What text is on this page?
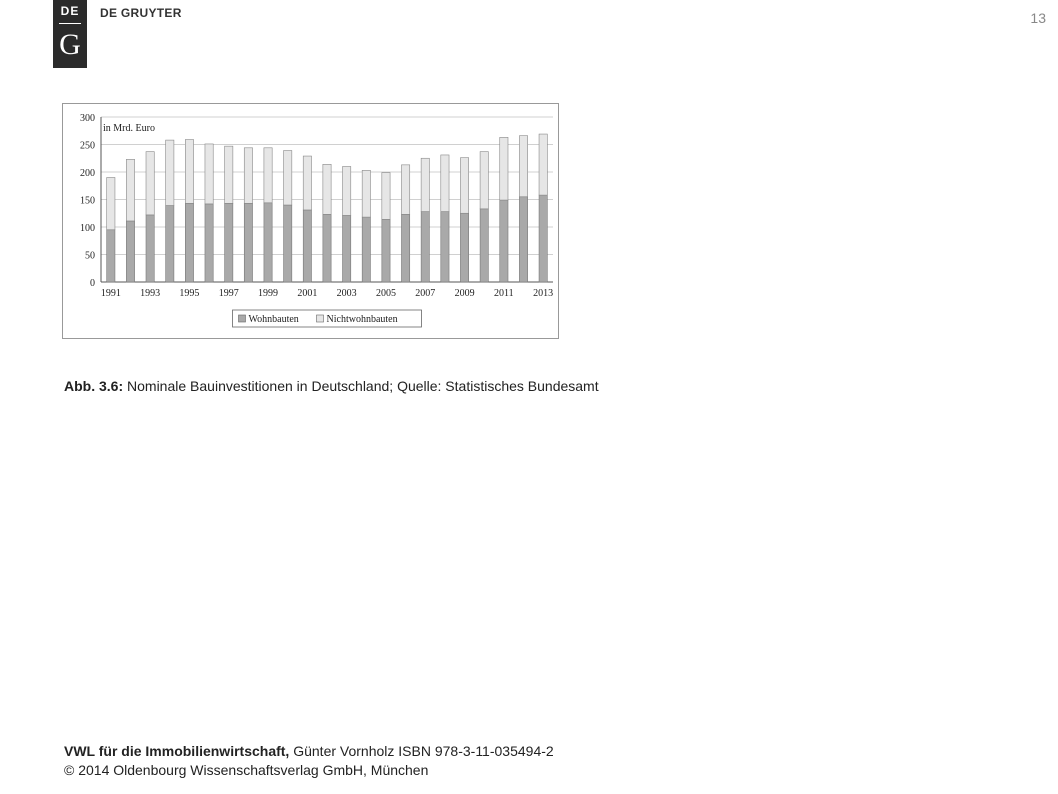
DE
G
DE GRUYTER	13
0
50
100
150
200
250
300
in Mrd. Euro
1991 1993 1995 1997 1999 2001 2003 2005 2007 2009 2011 2013
Wohnbauten	Nichtwohnbauten
Abb. 3.6: Nominale Bauinvestitionen in Deutschland; Quelle: Statistisches Bundesamt
VWL für die Immobilienwirtschaft, Günter Vornholz ISBN 978-3-11-035494-2
© 2014 Oldenbourg Wissenschaftsverlag GmbH, München
